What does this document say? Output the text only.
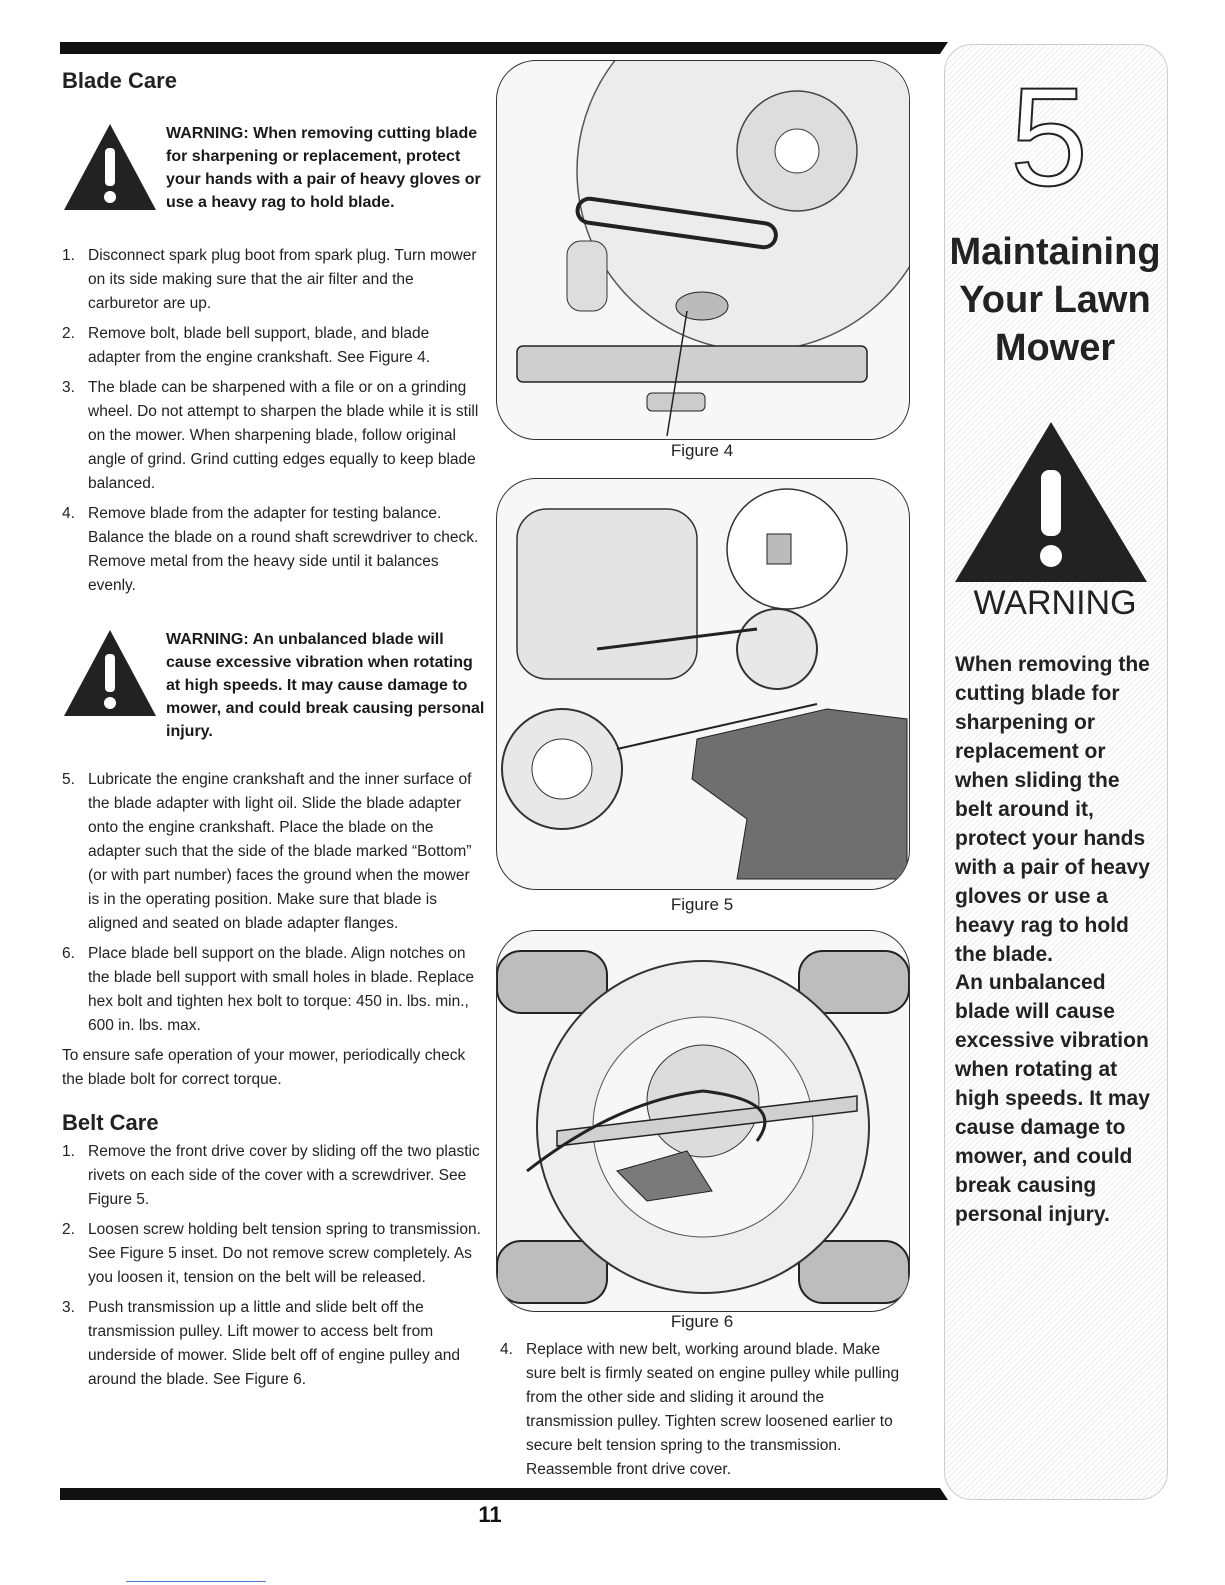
Blade Care
WARNING: When removing cutting blade for sharpening or replacement, protect your hands with a pair of heavy gloves or use a heavy rag to hold blade.
1. Disconnect spark plug boot from spark plug. Turn mower on its side making sure that the air filter and the carburetor are up.
2. Remove bolt, blade bell support, blade, and blade adapter from the engine crankshaft. See Figure 4.
3. The blade can be sharpened with a file or on a grinding wheel. Do not attempt to sharpen the blade while it is still on the mower. When sharpening blade, follow original angle of grind. Grind cutting edges equally to keep blade balanced.
4. Remove blade from the adapter for testing balance. Balance the blade on a round shaft screwdriver to check. Remove metal from the heavy side until it balances evenly.
WARNING: An unbalanced blade will cause excessive vibration when rotating at high speeds. It may cause damage to mower, and could break causing personal injury.
5. Lubricate the engine crankshaft and the inner surface of the blade adapter with light oil. Slide the blade adapter onto the engine crankshaft. Place the blade on the adapter such that the side of the blade marked “Bottom” (or with part number) faces the ground when the mower is in the operating position. Make sure that blade is aligned and seated on blade adapter flanges.
6. Place blade bell support on the blade. Align notches on the blade bell support with small holes in blade. Replace hex bolt and tighten hex bolt to torque: 450 in. lbs. min., 600 in. lbs. max.

To ensure safe operation of your mower, periodically check the blade bolt for correct torque.

Belt Care
1. Remove the front drive cover by sliding off the two plastic rivets on each side of the cover with a screwdriver. See Figure 5.
2. Loosen screw holding belt tension spring to transmission. See Figure 5 inset. Do not remove screw completely. As you loosen it, tension on the belt will be released.
3. Push transmission up a little and slide belt off the transmission pulley. Lift mower to access belt from underside of mower. Slide belt off of engine pulley and around the blade. See Figure 6.
Figure 4
Figure 5
Figure 6
4. Replace with new belt, working around blade. Make sure belt is firmly seated on engine pulley while pulling from the other side and sliding it around the transmission pulley. Tighten screw loosened earlier to secure belt tension spring to the transmission. Reassemble front drive cover.
5
Maintaining
Your Lawn
Mower
WARNING
When removing the cutting blade for sharpening or replacement or when sliding the belt around it, protect your hands with a pair of heavy gloves or use a heavy rag to hold the blade.
An unbalanced blade will cause excessive vibration when rotating at high speeds. It may cause damage to mower, and could break causing personal injury.
11
